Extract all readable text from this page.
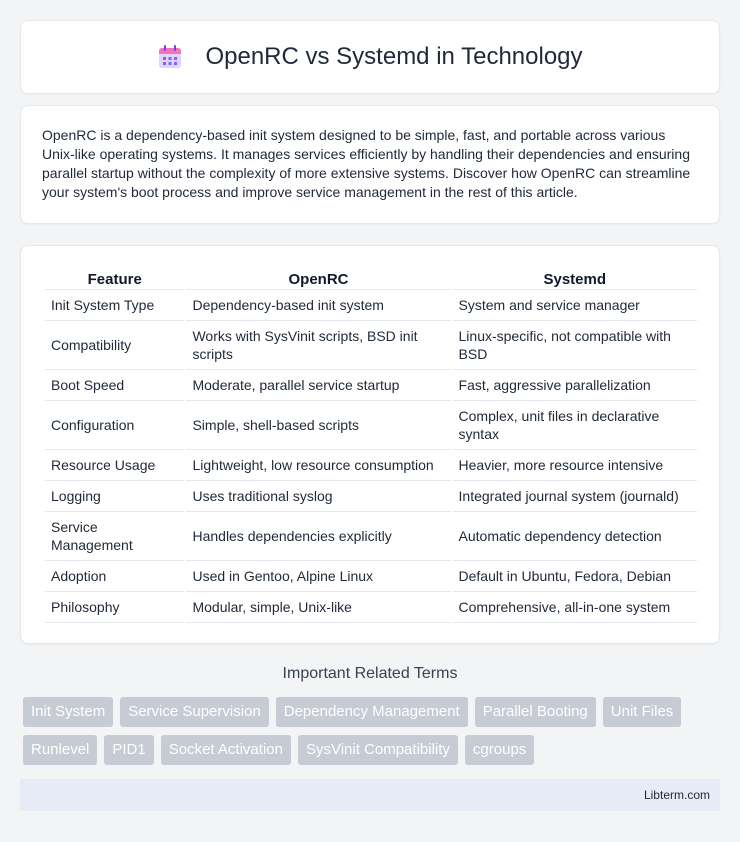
OpenRC vs Systemd in Technology

OpenRC is a dependency-based init system designed to be simple, fast, and portable across various Unix-like operating systems. It manages services efficiently by handling their dependencies and ensuring parallel startup without the complexity of more extensive systems. Discover how OpenRC can streamline your system's boot process and improve service management in the rest of this article.

Feature	OpenRC	Systemd
Init System Type	Dependency-based init system	System and service manager
Compatibility	Works with SysVinit scripts, BSD init scripts	Linux-specific, not compatible with BSD
Boot Speed	Moderate, parallel service startup	Fast, aggressive parallelization
Configuration	Simple, shell-based scripts	Complex, unit files in declarative syntax
Resource Usage	Lightweight, low resource consumption	Heavier, more resource intensive
Logging	Uses traditional syslog	Integrated journal system (journald)
Service Management	Handles dependencies explicitly	Automatic dependency detection
Adoption	Used in Gentoo, Alpine Linux	Default in Ubuntu, Fedora, Debian
Philosophy	Modular, simple, Unix-like	Comprehensive, all-in-one system
Important Related Terms
Init System	Service Supervision	Dependency Management	Parallel Booting	Unit Files
Runlevel	PID1	Socket Activation	SysVinit Compatibility	cgroups
Libterm.com
